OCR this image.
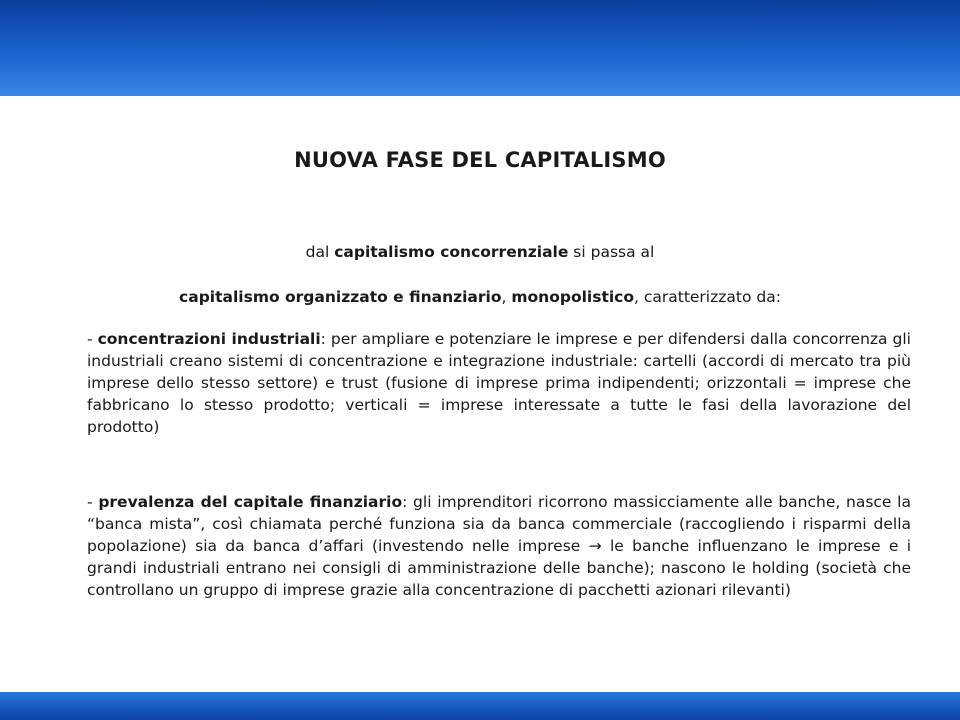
NUOVA FASE DEL CAPITALISMO

dal capitalismo concorrenziale si passa al

capitalismo organizzato e finanziario, monopolistico, caratterizzato da:

- concentrazioni industriali: per ampliare e potenziare le imprese e per difendersi dalla concorrenza gli industriali creano sistemi di concentrazione e integrazione industriale: cartelli (accordi di mercato tra più imprese dello stesso settore) e trust (fusione di imprese prima indipendenti; orizzontali = imprese che fabbricano lo stesso prodotto; verticali = imprese interessate a tutte le fasi della lavorazione del prodotto)

- prevalenza del capitale finanziario: gli imprenditori ricorrono massicciamente alle banche, nasce la “banca mista”, così chiamata perché funziona sia da banca commerciale (raccogliendo i risparmi della popolazione) sia da banca d’affari (investendo nelle imprese → le banche influenzano le imprese e i grandi industriali entrano nei consigli di amministrazione delle banche); nascono le holding (società che controllano un gruppo di imprese grazie alla concentrazione di pacchetti azionari rilevanti)
